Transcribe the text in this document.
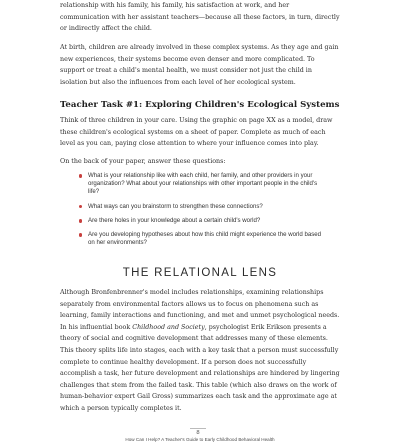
relationship with his family, his family, his satisfaction at work, and her communication with her assistant teachers—because all these factors, in turn, directly or indirectly affect the child.

At birth, children are already involved in these complex systems. As they age and gain new experiences, their systems become even denser and more complicated. To support or treat a child's mental health, we must consider not just the child in isolation but also the influences from each level of her ecological system.

Teacher Task #1: Exploring Children's Ecological Systems

Think of three children in your care. Using the graphic on page XX as a model, draw these children's ecological systems on a sheet of paper. Complete as much of each level as you can, paying close attention to where your influence comes into play.

On the back of your paper, answer these questions:

What is your relationship like with each child, her family, and other providers in your organization? What about your relationships with other important people in the child's life?
What ways can you brainstorm to strengthen these connections?
Are there holes in your knowledge about a certain child's world?
Are you developing hypotheses about how this child might experience the world based on her environments?
THE RELATIONAL LENS

Although Bronfenbrenner's model includes relationships, examining relationships separately from environmental factors allows us to focus on phenomena such as learning, family interactions and functioning, and met and unmet psychological needs. In his influential book Childhood and Society, psychologist Erik Erikson presents a theory of social and cognitive development that addresses many of these elements. This theory splits life into stages, each with a key task that a person must successfully complete to continue healthy development. If a person does not successfully accomplish a task, her future development and relationships are hindered by lingering challenges that stem from the failed task. This table (which also draws on the work of human-behavior expert Gail Gross) summarizes each task and the approximate age at which a person typically completes it.

8
How Can I Help? A Teacher's Guide to Early Childhood Behavioral Health
